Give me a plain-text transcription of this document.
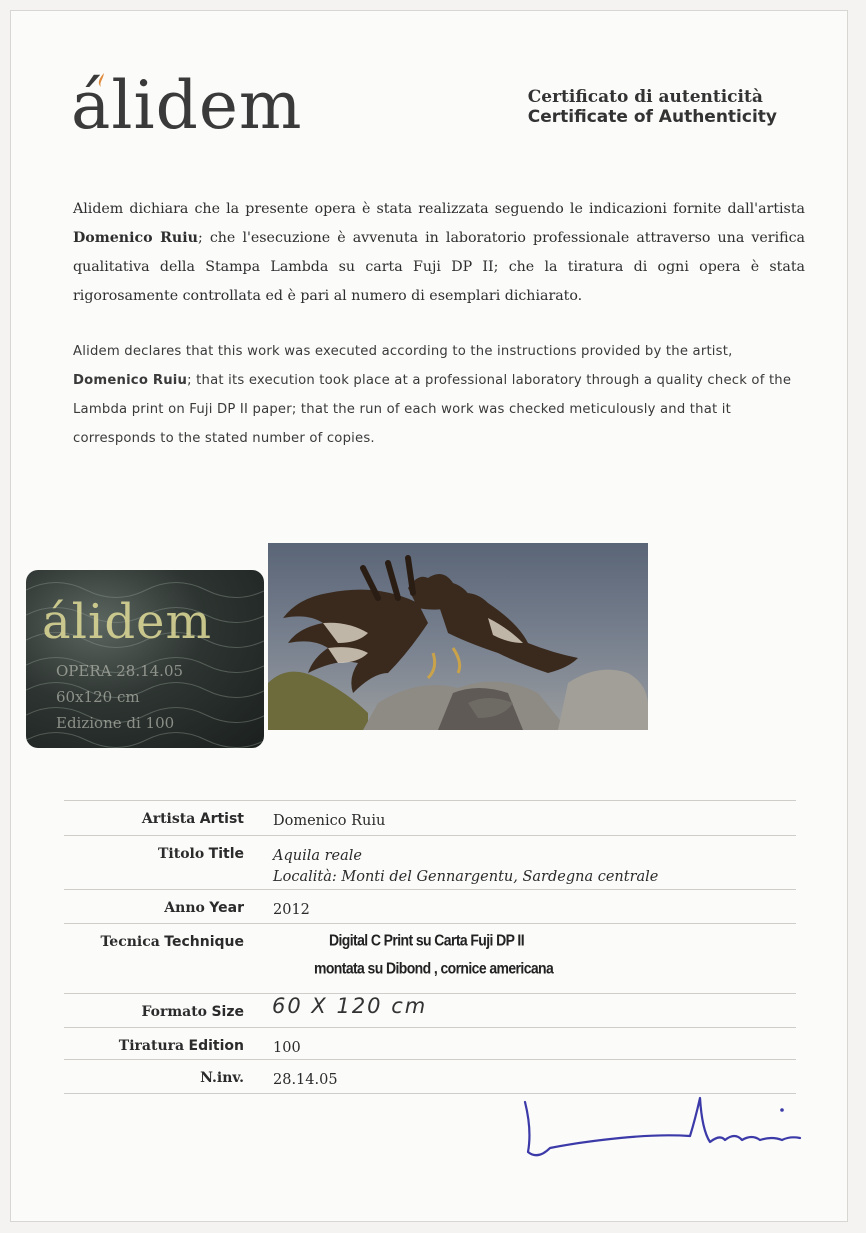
álidem	Certificato di autenticità
Certificate of Authenticity
Alidem dichiara che la presente opera è stata realizzata seguendo le indicazioni fornite dall'artista Domenico Ruiu; che l'esecuzione è avvenuta in laboratorio professionale attraverso una verifica qualitativa della Stampa Lambda su carta Fuji DP II; che la tiratura di ogni opera è stata rigorosamente controllata ed è pari al numero di esemplari dichiarato.
Alidem declares that this work was executed according to the instructions provided by the artist, Domenico Ruiu; that its execution took place at a professional laboratory through a quality check of the Lambda print on Fuji DP II paper; that the run of each work was checked meticulously and that it corresponds to the stated number of copies.
álidem
OPERA 28.14.05
60x120 cm
Edizione di 100
Artista Artist Domenico Ruiu
Titolo Title Aquila reale
Località: Monti del Gennargentu, Sardegna centrale
Anno Year 2012
Tecnica Technique	Digital C Print su Carta Fuji DP II
montata su Dibond , cornice americana
Formato Size 60 X 120 cm
Tiratura Edition 100
N.inv. 28.14.05
